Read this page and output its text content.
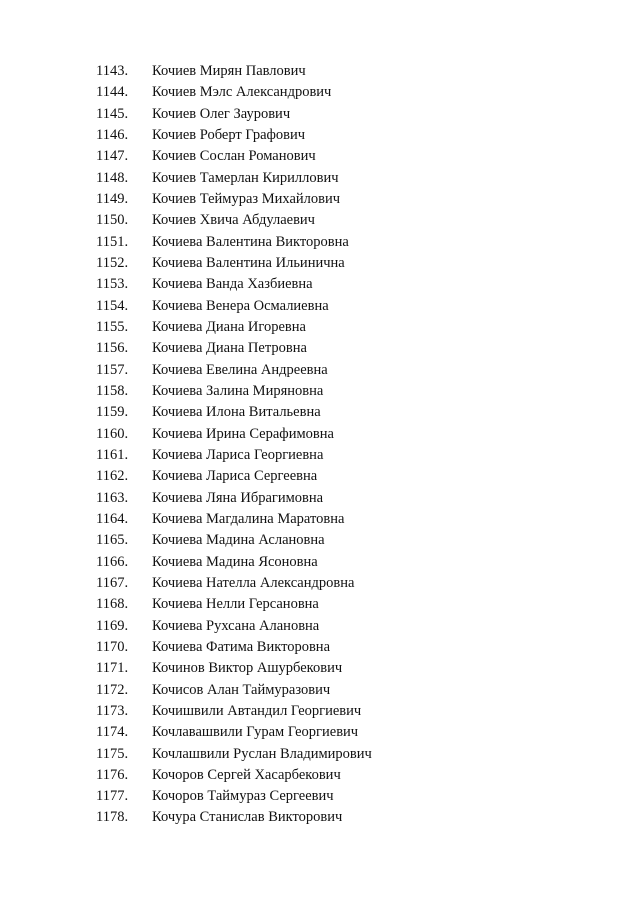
1143.	Кочиев Мирян Павлович
1144.	Кочиев Мэлс Александрович
1145.	Кочиев Олег Заурович
1146.	Кочиев Роберт Графович
1147.	Кочиев Сослан Романович
1148.	Кочиев Тамерлан Кириллович
1149.	Кочиев Теймураз Михайлович
1150.	Кочиев Хвича Абдулаевич
1151.	Кочиева Валентина Викторовна
1152.	Кочиева Валентина Ильинична
1153.	Кочиева Ванда Хазбиевна
1154.	Кочиева Венера Осмалиевна
1155.	Кочиева Диана Игоревна
1156.	Кочиева Диана Петровна
1157.	Кочиева Евелина Андреевна
1158.	Кочиева Залина Миряновна
1159.	Кочиева Илона Витальевна
1160.	Кочиева Ирина Серафимовна
1161.	Кочиева Лариса Георгиевна
1162.	Кочиева Лариса Сергеевна
1163.	Кочиева Ляна Ибрагимовна
1164.	Кочиева Магдалина Маратовна
1165.	Кочиева Мадина Аслановна
1166.	Кочиева Мадина Ясоновна
1167.	Кочиева Нателла Александровна
1168.	Кочиева Нелли Герсановна
1169.	Кочиева Рухсана Алановна
1170.	Кочиева Фатима Викторовна
1171.	Кочинов Виктор Ашурбекович
1172.	Кочисов Алан Таймуразович
1173.	Кочишвили Автандил Георгиевич
1174.	Кочлавашвили Гурам Георгиевич
1175.	Кочлашвили Руслан Владимирович
1176.	Кочоров Сергей Хасарбекович
1177.	Кочоров Таймураз Сергеевич
1178.	Кочура Станислав Викторович
